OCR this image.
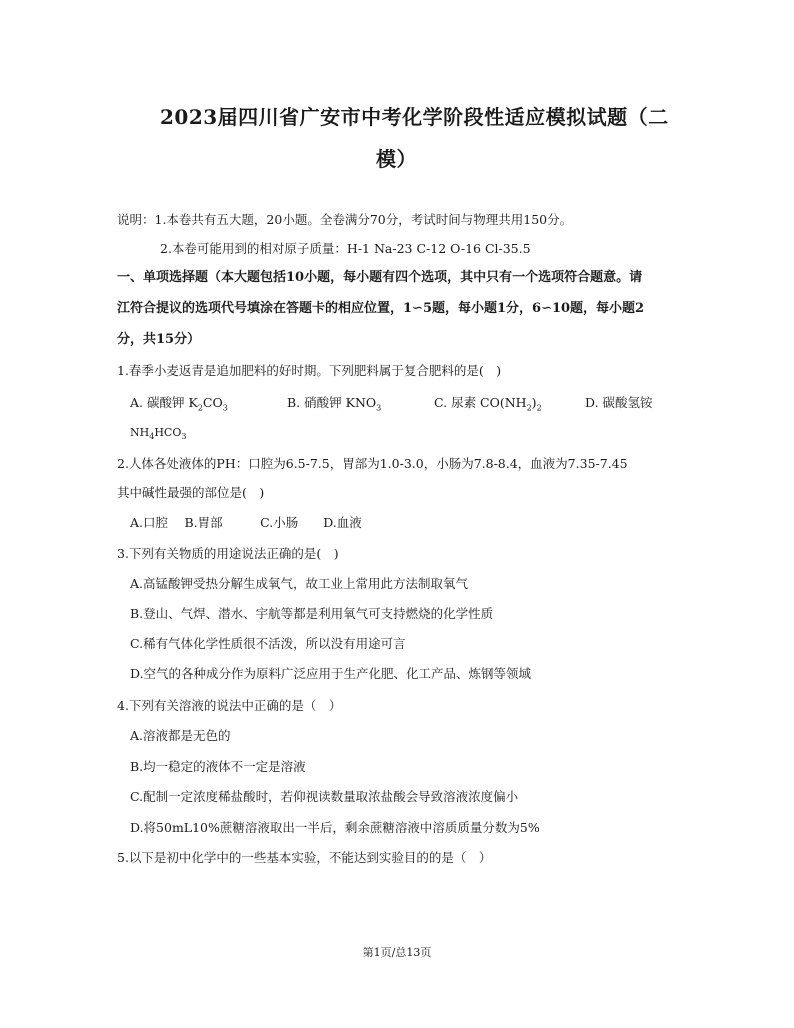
2023届四川省广安市中考化学阶段性适应模拟试题（二
模）
说明：1.本卷共有五大题，20小题。全卷满分70分，考试时间与物理共用150分。
2.本卷可能用到的相对原子质量：H-1 Na-23 C-12 O-16 Cl-35.5
一、单项选择题（本大题包括10小题，每小题有四个选项，其中只有一个选项符合题意。请
江符合提议的选项代号填涂在答题卡的相应位置，1∽5题，每小题1分，6∽10题，每小题2
分，共15分）
1.春季小麦返青是追加肥料的好时期。下列肥料属于复合肥料的是(　)
A. 碳酸钾 $K_2CO_3$	B. 硝酸钾 $KNO_3$	C. 尿素 $CO(NH_2)_2$	D. 碳酸氢铵
$NH_4HCO_3$
2.人体各处液体的PH：口腔为6.5-7.5，胃部为1.0-3.0，小肠为7.8-8.4，血液为7.35-7.45
其中碱性最强的部位是(　)
A.口腔　 B.胃部　　　C.小肠　　D.血液
3.下列有关物质的用途说法正确的是(　)
A.高锰酸钾受热分解生成氧气，故工业上常用此方法制取氧气
B.登山、气焊、潜水、宇航等都是利用氧气可支持燃烧的化学性质
C.稀有气体化学性质很不活泼，所以没有用途可言
D.空气的各种成分作为原料广泛应用于生产化肥、化工产品、炼钢等领域
4.下列有关溶液的说法中正确的是（　）
A.溶液都是无色的
B.均一稳定的液体不一定是溶液
C.配制一定浓度稀盐酸时，若仰视读数量取浓盐酸会导致溶液浓度偏小
D.将50mL10%蔗糖溶液取出一半后，剩余蔗糖溶液中溶质质量分数为5%
5.以下是初中化学中的一些基本实验，不能达到实验目的的是（　）
第1页/总13页
